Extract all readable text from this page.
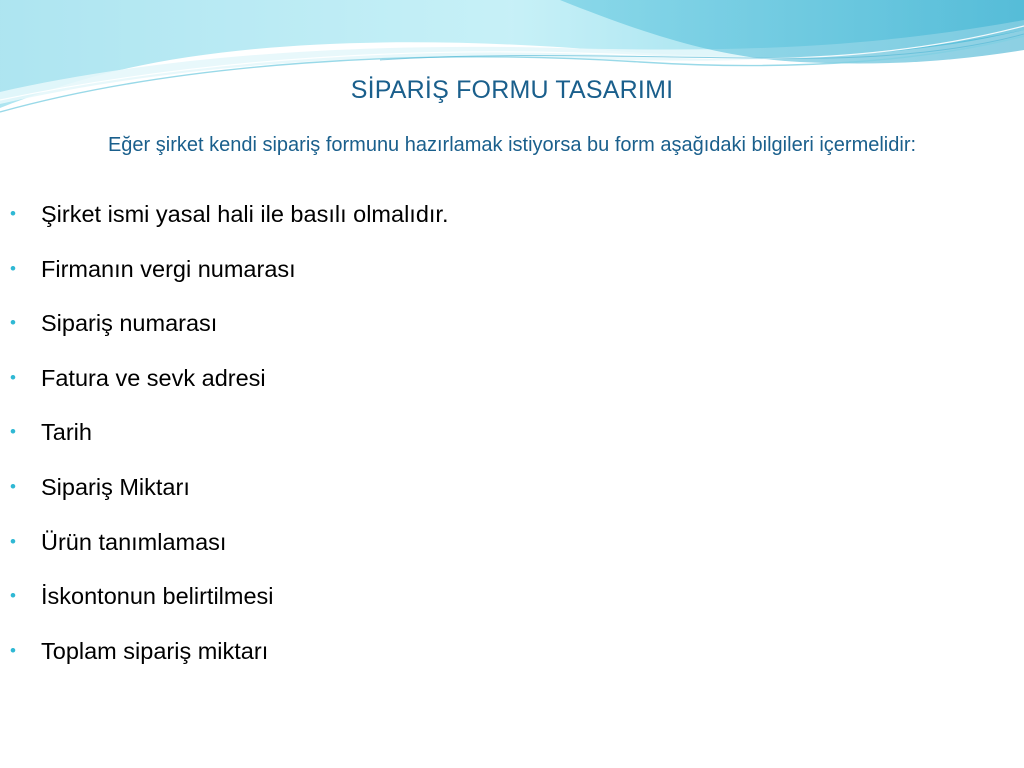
SİPARİŞ FORMU TASARIMI
Eğer şirket kendi sipariş formunu hazırlamak istiyorsa bu form aşağıdaki bilgileri içermelidir:
• Şirket ismi yasal hali ile basılı olmalıdır.
• Firmanın vergi numarası
• Sipariş numarası
• Fatura ve sevk adresi
• Tarih
• Sipariş Miktarı
• Ürün tanımlaması
• İskontonun belirtilmesi
• Toplam sipariş miktarı
